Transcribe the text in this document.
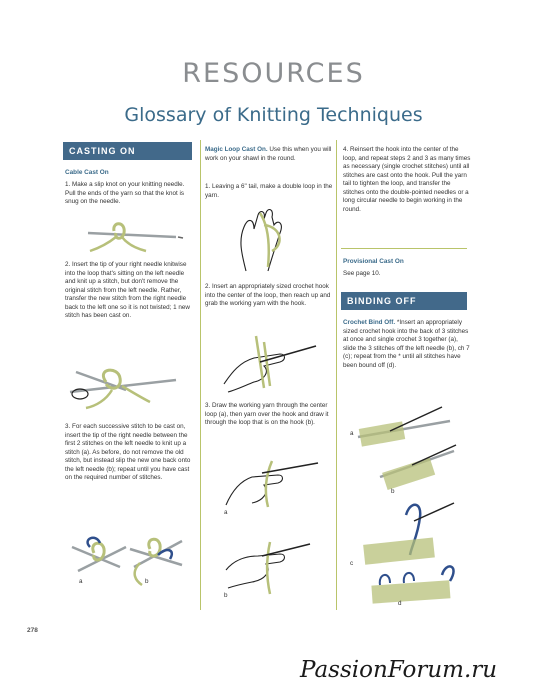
RESOURCES
Glossary of Knitting Techniques
CASTING ON
Cable Cast On
1. Make a slip knot on your knitting needle. Pull the ends of the yarn so that the knot is snug on the needle.
2. Insert the tip of your right needle knitwise into the loop that's sitting on the left needle and knit up a stitch, but don't remove the original stitch from the left needle. Rather, transfer the new stitch from the right needle back to the left one so it is not twisted; 1 new stitch has been cast on.
3. For each successive stitch to be cast on, insert the tip of the right needle between the first 2 stitches on the left needle to knit up a stitch (a). As before, do not remove the old stitch, but instead slip the new one back onto the left needle (b); repeat until you have cast on the required number of stitches.
a	b
Magic Loop Cast On. Use this when you will work on your shawl in the round.
1. Leaving a 6" tail, make a double loop in the yarn.
2. Insert an appropriately sized crochet hook into the center of the loop, then reach up and grab the working yarn with the hook.
3. Draw the working yarn through the center loop (a), then yarn over the hook and draw it through the loop that is on the hook (b).
a
b
4. Reinsert the hook into the center of the loop, and repeat steps 2 and 3 as many times as necessary (single crochet stitches) until all stitches are cast onto the hook. Pull the yarn tail to tighten the loop, and transfer the stitches onto the double-pointed needles or a long circular needle to begin working in the round.
Provisional Cast On
See page 10.
BINDING OFF
Crochet Bind Off. *Insert an appropriately sized crochet hook into the back of 3 stitches at once and single crochet 3 together (a), slide the 3 stitches off the left needle (b), ch 7 (c); repeat from the * until all stitches have been bound off (d).
a
b
c
d
278
PassionForum.ru
